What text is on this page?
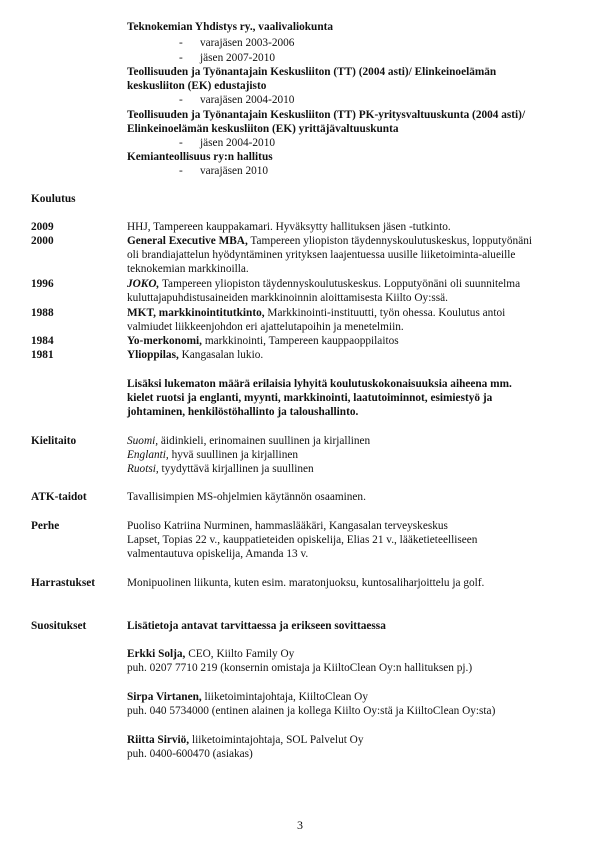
Teknokemian Yhdistys ry., vaalivaliokunta
- varajäsen 2003-2006
- jäsen 2007-2010
Teollisuuden ja Työnantajain Keskusliiton (TT) (2004 asti)/ Elinkeinoelämän
keskusliiton (EK) edustajisto
- varajäsen 2004-2010
Teollisuuden ja Työnantajain Keskusliiton (TT) PK-yritysvaltuuskunta (2004 asti)/
Elinkeinoelämän keskusliiton (EK) yrittäjävaltuuskunta
- jäsen 2004-2010
Kemianteollisuus ry:n hallitus
- varajäsen 2010
Koulutus
2009	HHJ, Tampereen kauppakamari. Hyväksytty hallituksen jäsen -tutkinto.
2000	General Executive MBA, Tampereen yliopiston täydennyskoulutuskeskus, lopputyönäni
oli brandiajattelun hyödyntäminen yrityksen laajentuessa uusille liiketoiminta-alueille
teknokemian markkinoilla.
1996	JOKO, Tampereen yliopiston täydennyskoulutuskeskus. Lopputyönäni oli suunnitelma
kuluttajapuhdistusaineiden markkinoinnin aloittamisesta Kiilto Oy:ssä.
1988	MKT, markkinointitutkinto, Markkinointi-instituutti, työn ohessa. Koulutus antoi
valmiudet liikkeenjohdon eri ajattelutapoihin ja menetelmiin.
1984	Yo-merkonomi, markkinointi, Tampereen kauppaoppilaitos
1981	Ylioppilas, Kangasalan lukio.
Lisäksi lukematon määrä erilaisia lyhyitä koulutuskokonaisuuksia aiheena mm.
kielet ruotsi ja englanti, myynti, markkinointi, laatutoiminnot, esimiestyö ja
johtaminen, henkilöstöhallinto ja taloushallinto.
Kielitaito	Suomi, äidinkieli, erinomainen suullinen ja kirjallinen
Englanti, hyvä suullinen ja kirjallinen
Ruotsi, tyydyttävä kirjallinen ja suullinen
ATK-taidot	Tavallisimpien MS-ohjelmien käytännön osaaminen.
Perhe	Puoliso Katriina Nurminen, hammaslääkäri, Kangasalan terveyskeskus
Lapset, Topias 22 v., kauppatieteiden opiskelija, Elias 21 v., lääketieteelliseen
valmentautuva opiskelija, Amanda 13 v.
Harrastukset	Monipuolinen liikunta, kuten esim. maratonjuoksu, kuntosaliharjoittelu ja golf.
Suositukset	Lisätietoja antavat tarvittaessa ja erikseen sovittaessa
Erkki Solja, CEO, Kiilto Family Oy
puh. 0207 7710 219 (konsernin omistaja ja KiiltoClean Oy:n hallituksen pj.)
Sirpa Virtanen, liiketoimintajohtaja, KiiltoClean Oy
puh. 040 5734000 (entinen alainen ja kollega Kiilto Oy:stä ja KiiltoClean Oy:sta)
Riitta Sirviö, liiketoimintajohtaja, SOL Palvelut Oy
puh. 0400-600470 (asiakas)
3
